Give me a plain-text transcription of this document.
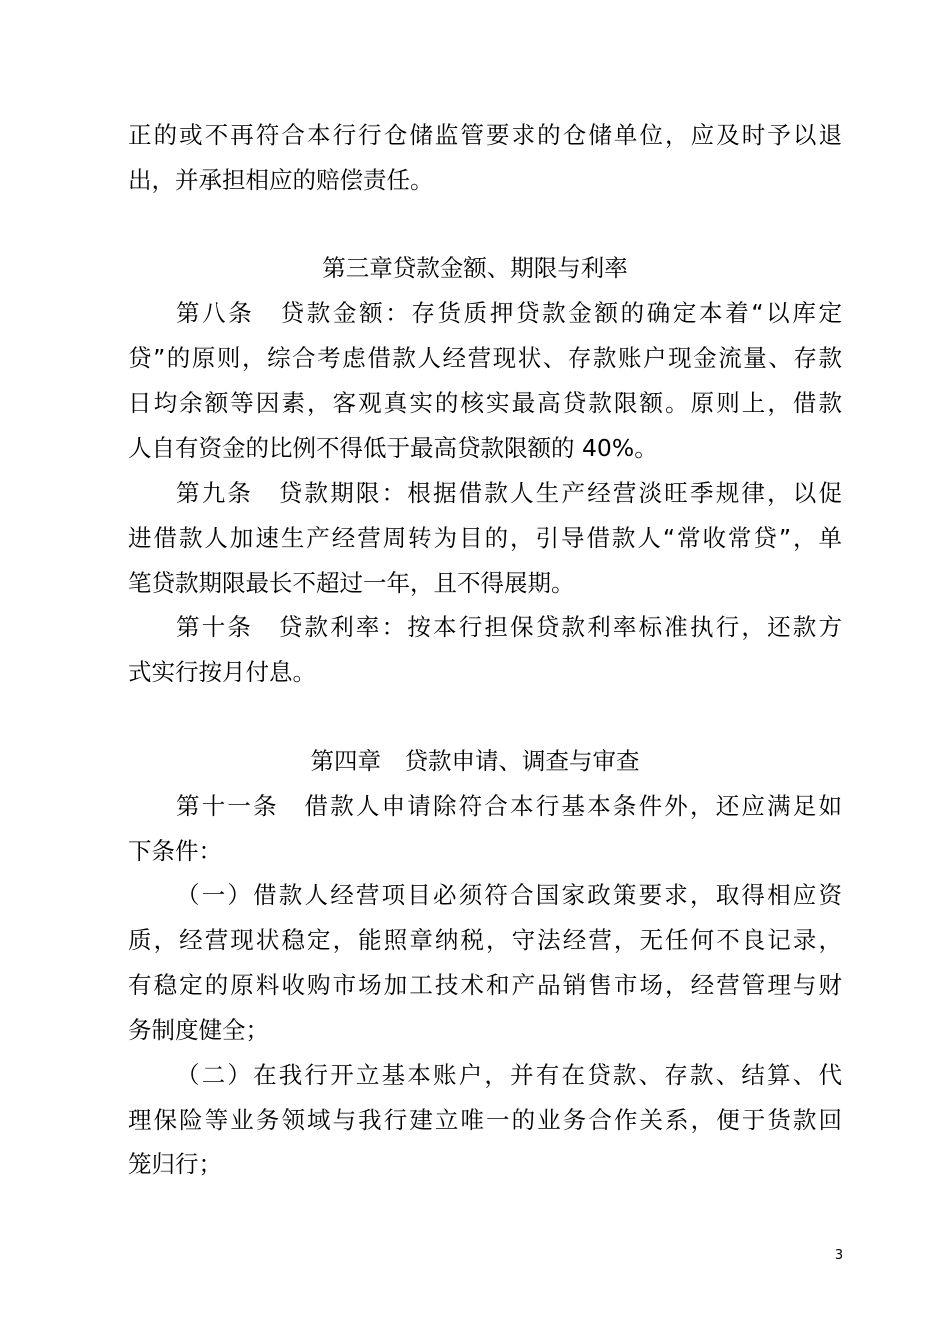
正的或不再符合本行行仓储监管要求的仓储单位，应及时予以退
出，并承担相应的赔偿责任。
第三章贷款金额、期限与利率
第八条　贷款金额：存货质押贷款金额的确定本着“以库定
贷”的原则，综合考虑借款人经营现状、存款账户现金流量、存款
日均余额等因素，客观真实的核实最高贷款限额。原则上，借款
人自有资金的比例不得低于最高贷款限额的 40%。
第九条　贷款期限：根据借款人生产经营淡旺季规律，以促
进借款人加速生产经营周转为目的，引导借款人“常收常贷”，单
笔贷款期限最长不超过一年，且不得展期。
第十条　贷款利率：按本行担保贷款利率标准执行，还款方
式实行按月付息。
第四章　贷款申请、调查与审查
第十一条　借款人申请除符合本行基本条件外，还应满足如
下条件：
（一）借款人经营项目必须符合国家政策要求，取得相应资
质，经营现状稳定，能照章纳税，守法经营，无任何不良记录，
有稳定的原料收购市场加工技术和产品销售市场，经营管理与财
务制度健全；
（二）在我行开立基本账户，并有在贷款、存款、结算、代
理保险等业务领域与我行建立唯一的业务合作关系，便于货款回
笼归行；
3
